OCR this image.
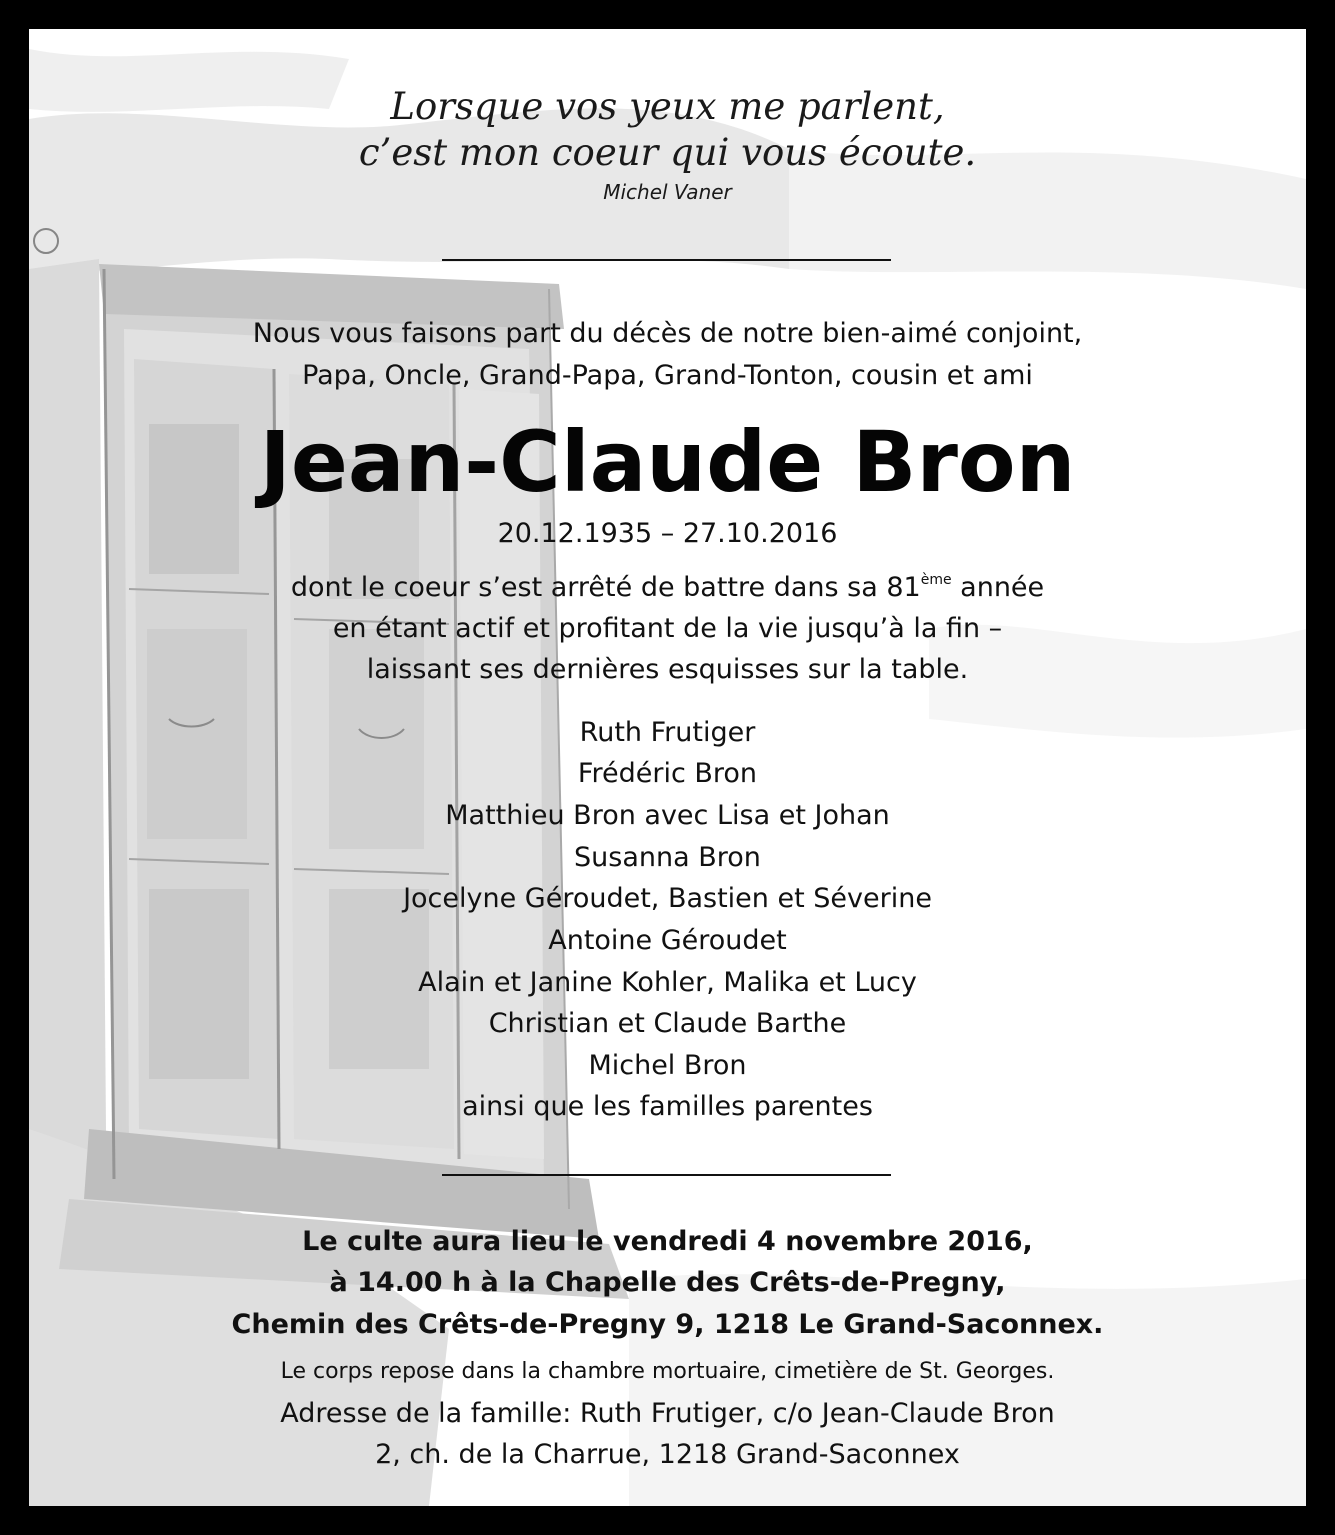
Lorsque vos yeux me parlent,
c’est mon coeur qui vous écoute.
Michel Vaner
Nous vous faisons part du décès de notre bien-aimé conjoint,
Papa, Oncle, Grand-Papa, Grand-Tonton, cousin et ami
Jean-Claude Bron
20.12.1935 – 27.10.2016
dont le coeur s’est arrêté de battre dans sa 81ème année
en étant actif et profitant de la vie jusqu’à la fin –
laissant ses dernières esquisses sur la table.
Ruth Frutiger
Frédéric Bron
Matthieu Bron avec Lisa et Johan
Susanna Bron
Jocelyne Géroudet, Bastien et Séverine
Antoine Géroudet
Alain et Janine Kohler, Malika et Lucy
Christian et Claude Barthe
Michel Bron
ainsi que les familles parentes
Le culte aura lieu le vendredi 4 novembre 2016,
à 14.00 h à la Chapelle des Crêts-de-Pregny,
Chemin des Crêts-de-Pregny 9, 1218 Le Grand-Saconnex.
Le corps repose dans la chambre mortuaire, cimetière de St. Georges.
Adresse de la famille: Ruth Frutiger, c/o Jean-Claude Bron
2, ch. de la Charrue, 1218 Grand-Saconnex
